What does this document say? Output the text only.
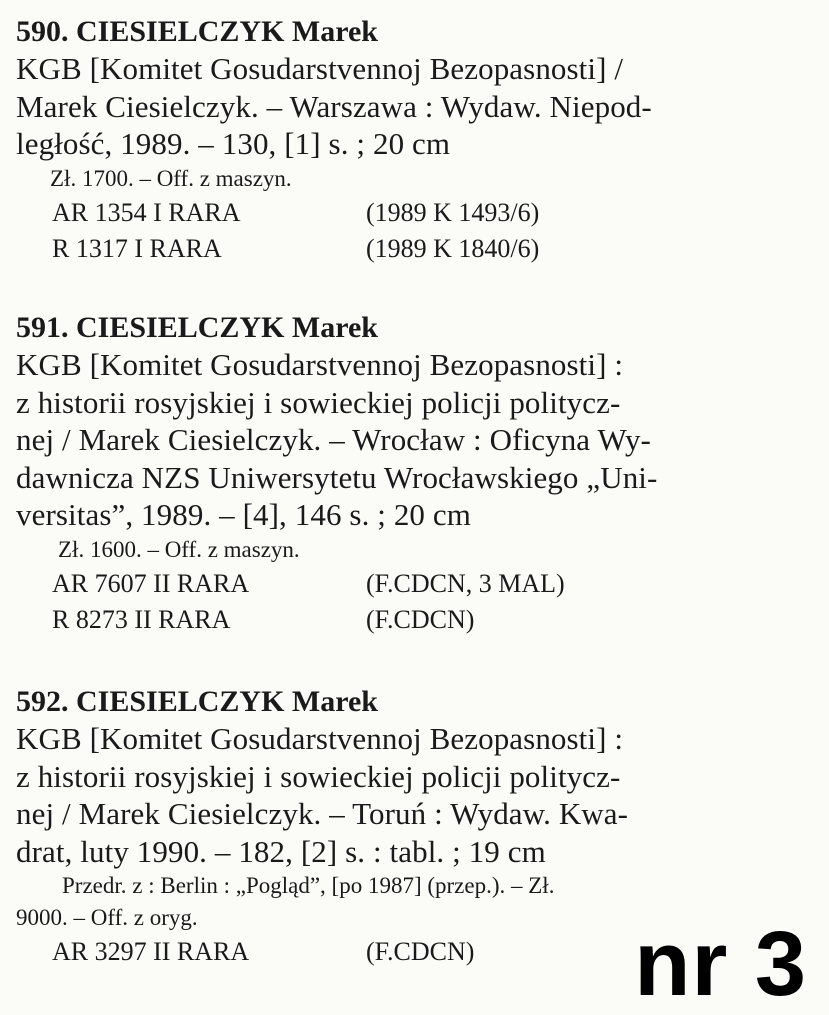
590. CIESIELCZYK Marek
KGB [Komitet Gosudarstvennoj Bezopasnosti] /
Marek Ciesielczyk. – Warszawa : Wydaw. Niepod-
ległość, 1989. – 130, [1] s. ; 20 cm
Zł. 1700. – Off. z maszyn.
AR 1354 I RARA	(1989 K 1493/6)
R 1317 I RARA	(1989 K 1840/6)
591. CIESIELCZYK Marek
KGB [Komitet Gosudarstvennoj Bezopasnosti] :
z historii rosyjskiej i sowieckiej policji politycz-
nej / Marek Ciesielczyk. – Wrocław : Oficyna Wy-
dawnicza NZS Uniwersytetu Wrocławskiego „Uni-
versitas”, 1989. – [4], 146 s. ; 20 cm
Zł. 1600. – Off. z maszyn.
AR 7607 II RARA	(F.CDCN, 3 MAL)
R 8273 II RARA	(F.CDCN)
592. CIESIELCZYK Marek
KGB [Komitet Gosudarstvennoj Bezopasnosti] :
z historii rosyjskiej i sowieckiej policji politycz-
nej / Marek Ciesielczyk. – Toruń : Wydaw. Kwa-
drat, luty 1990. – 182, [2] s. : tabl. ; 19 cm
Przedr. z : Berlin : „Pogląd”, [po 1987] (przep.). – Zł.
9000. – Off. z oryg.
AR 3297 II RARA	(F.CDCN) nr 3
